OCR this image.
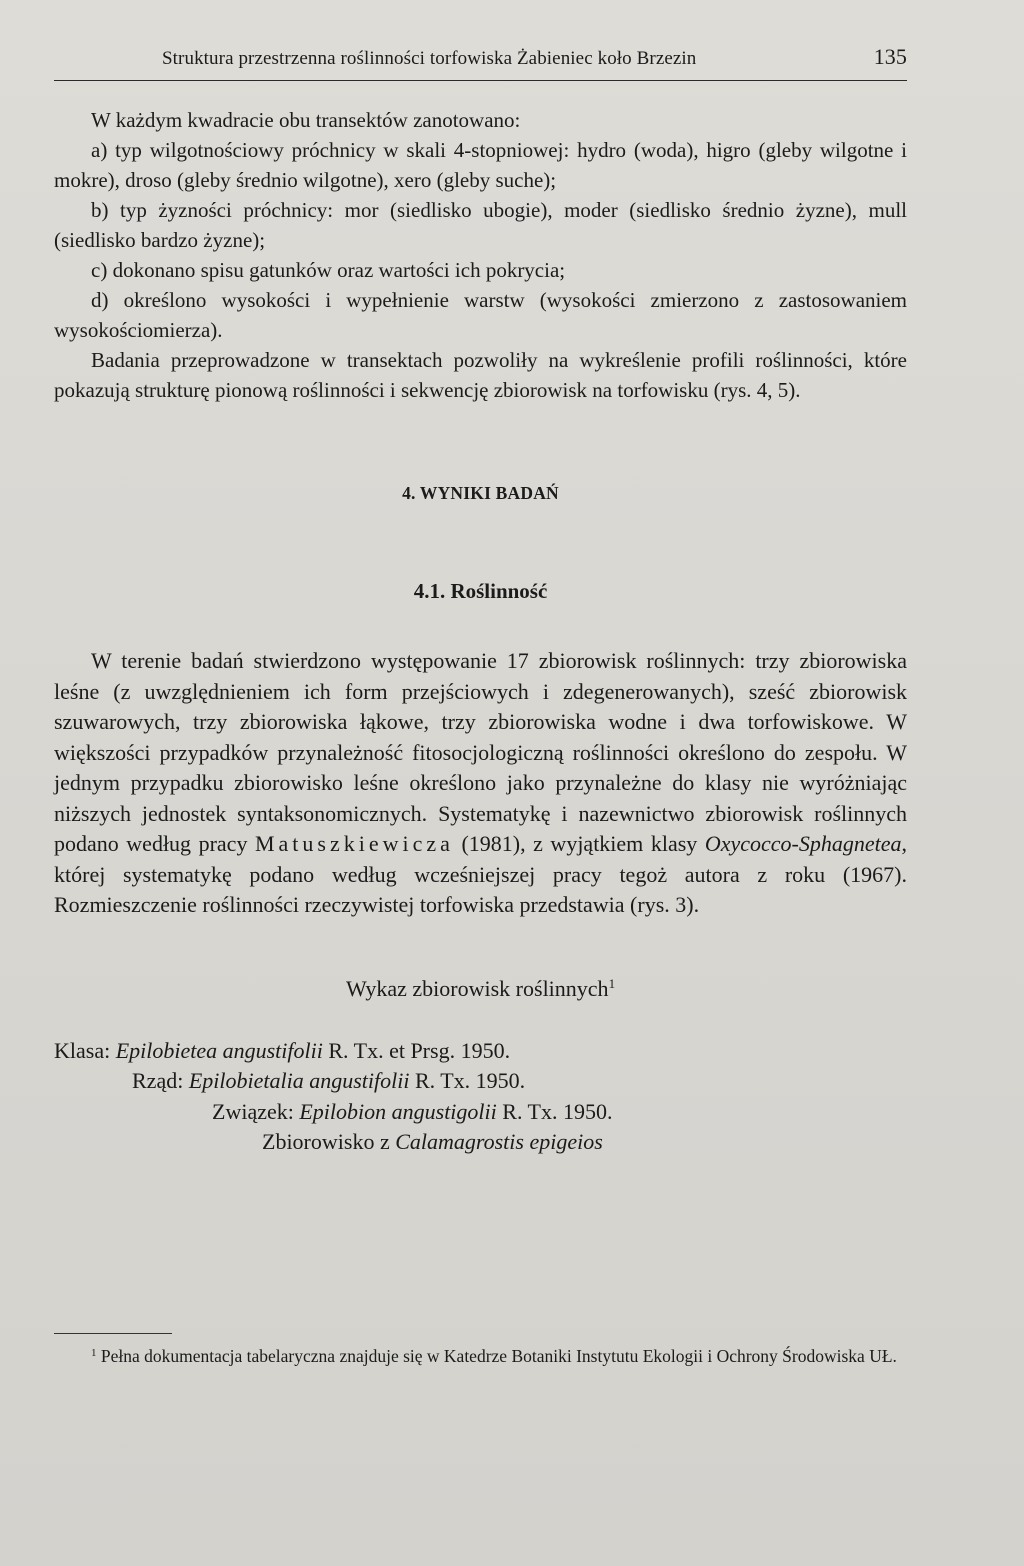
Struktura przestrzenna roślinności torfowiska Żabieniec koło Brzezin	135

W każdym kwadracie obu transektów zanotowano:

a) typ wilgotnościowy próchnicy w skali 4-stopniowej: hydro (woda), higro (gleby wilgotne i mokre), droso (gleby średnio wilgotne), xero (gleby suche);

b) typ żyzności próchnicy: mor (siedlisko ubogie), moder (siedlisko średnio żyzne), mull (siedlisko bardzo żyzne);

c) dokonano spisu gatunków oraz wartości ich pokrycia;

d) określono wysokości i wypełnienie warstw (wysokości zmierzono z zastosowaniem wysokościomierza).

Badania przeprowadzone w transektach pozwoliły na wykreślenie profili roślinności, które pokazują strukturę pionową roślinności i sekwencję zbiorowisk na torfowisku (rys. 4, 5).

4. WYNIKI BADAŃ

4.1. Roślinność

W terenie badań stwierdzono występowanie 17 zbiorowisk roślinnych: trzy zbiorowiska leśne (z uwzględnieniem ich form przejściowych i zdegenerowanych), sześć zbiorowisk szuwarowych, trzy zbiorowiska łąkowe, trzy zbiorowiska wodne i dwa torfowiskowe. W większości przypadków przynależność fitosocjologiczną roślinności określono do zespołu. W jednym przypadku zbiorowisko leśne określono jako przynależne do klasy nie wyróżniając niższych jednostek syntaksonomicznych. Systematykę i nazewnictwo zbiorowisk roślinnych podano według pracy Matuszkiewicza (1981), z wyjątkiem klasy Oxycocco-Sphagnetea, której systematykę podano według wcześniejszej pracy tegoż autora z roku (1967). Rozmieszczenie roślinności rzeczywistej torfowiska przedstawia (rys. 3).

Wykaz zbiorowisk roślinnych$^1$

Klasa: Epilobietea angustifolii R. Tx. et Prsg. 1950.

Rząd: Epilobietalia angustifolii R. Tx. 1950.

Związek: Epilobion angustigolii R. Tx. 1950.

Zbiorowisko z Calamagrostis epigeios

$^1$ Pełna dokumentacja tabelaryczna znajduje się w Katedrze Botaniki Instytutu Ekologii i Ochrony Środowiska UŁ.
